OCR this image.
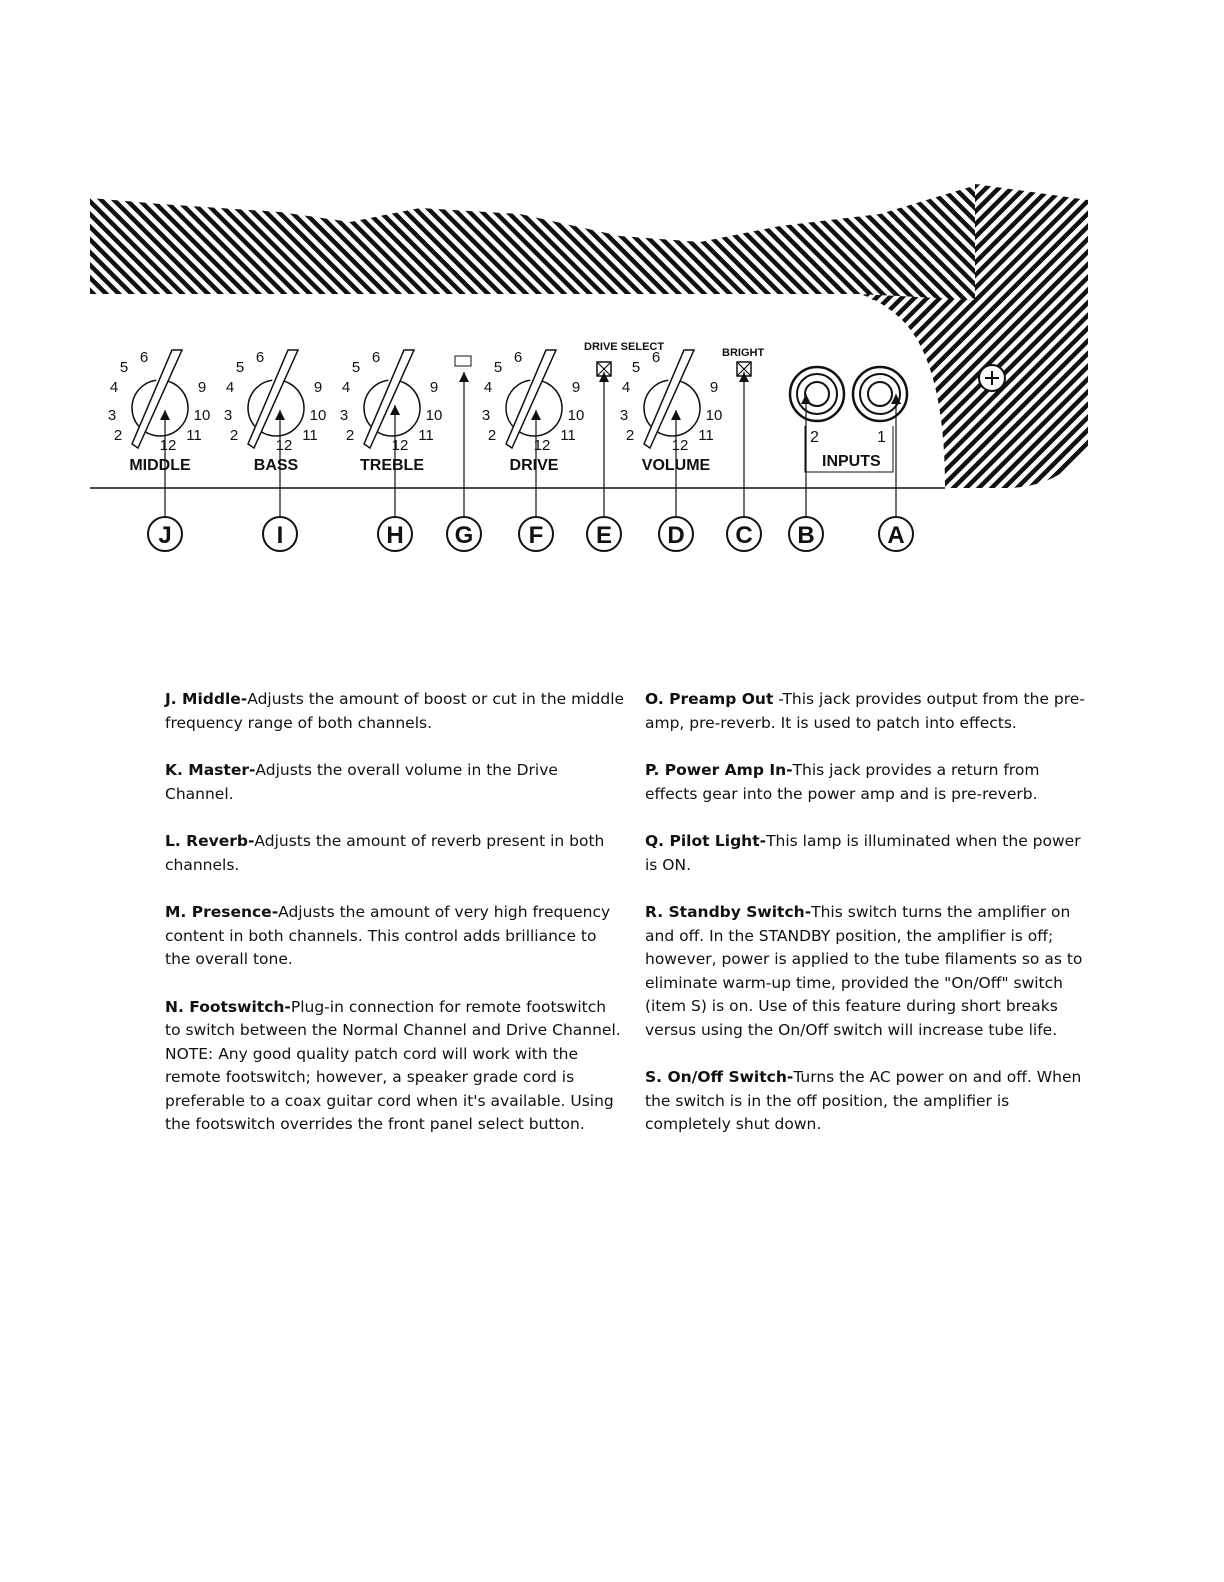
2
3
4
5
6
9
10
11
12
MIDDLE
2
3
4
5
6
9
10
11
12
BASS
2
3
4
5
6
9
10
11
12
TREBLE
2
3
4
5
6
9
10
11
12
DRIVE
2
3
4
5
6
9
10
11
12
VOLUME
J	I	H G F E D C B	A
DRIVE SELECT	BRIGHT
2	1
INPUTS
J. Middle-Adjusts the amount of boost or cut in the middle frequency range of both channels.
K. Master-Adjusts the overall volume in the Drive Channel.
L. Reverb-Adjusts the amount of reverb present in both channels.
M. Presence-Adjusts the amount of very high frequency content in both channels. This control adds brilliance to the overall tone.
N. Footswitch-Plug-in connection for remote footswitch to switch between the Normal Channel and Drive Channel. NOTE: Any good quality patch cord will work with the remote footswitch; however, a speaker grade cord is preferable to a coax guitar cord when it's available. Using the footswitch overrides the front panel select button.
O. Preamp Out -This jack provides output from the pre-amp, pre-reverb. It is used to patch into effects.
P. Power Amp In-This jack provides a return from effects gear into the power amp and is pre-reverb.
Q. Pilot Light-This lamp is illuminated when the power is ON.
R. Standby Switch-This switch turns the amplifier on and off. In the STANDBY position, the amplifier is off; however, power is applied to the tube filaments so as to eliminate warm-up time, provided the "On/Off" switch (item S) is on. Use of this feature during short breaks versus using the On/Off switch will increase tube life.
S. On/Off Switch-Turns the AC power on and off. When the switch is in the off position, the amplifier is completely shut down.
